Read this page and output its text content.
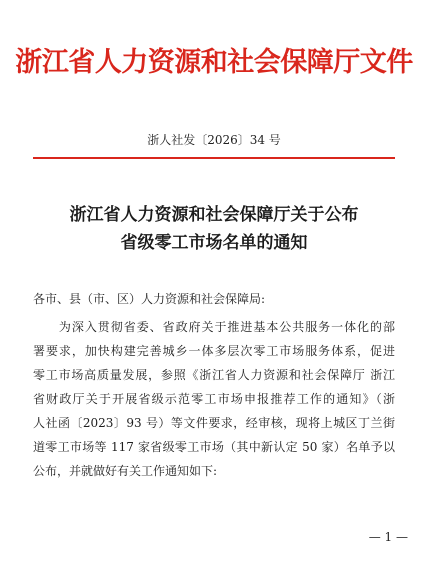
浙江省人力资源和社会保障厅文件
浙人社发〔2026〕34 号
浙江省人力资源和社会保障厅关于公布
省级零工市场名单的通知
各市、县（市、区）人力资源和社会保障局:
　　为深入贯彻省委、省政府关于推进基本公共服务一体化的部
署要求，加快构建完善城乡一体多层次零工市场服务体系，促进
零工市场高质量发展，参照《浙江省人力资源和社会保障厅 浙江
省财政厅关于开展省级示范零工市场申报推荐工作的通知》（浙
人社函〔2023〕93 号）等文件要求，经审核，现将上城区丁兰街
道零工市场等 117 家省级零工市场（其中新认定 50 家）名单予以
公布，并就做好有关工作通知如下:
— 1 —
